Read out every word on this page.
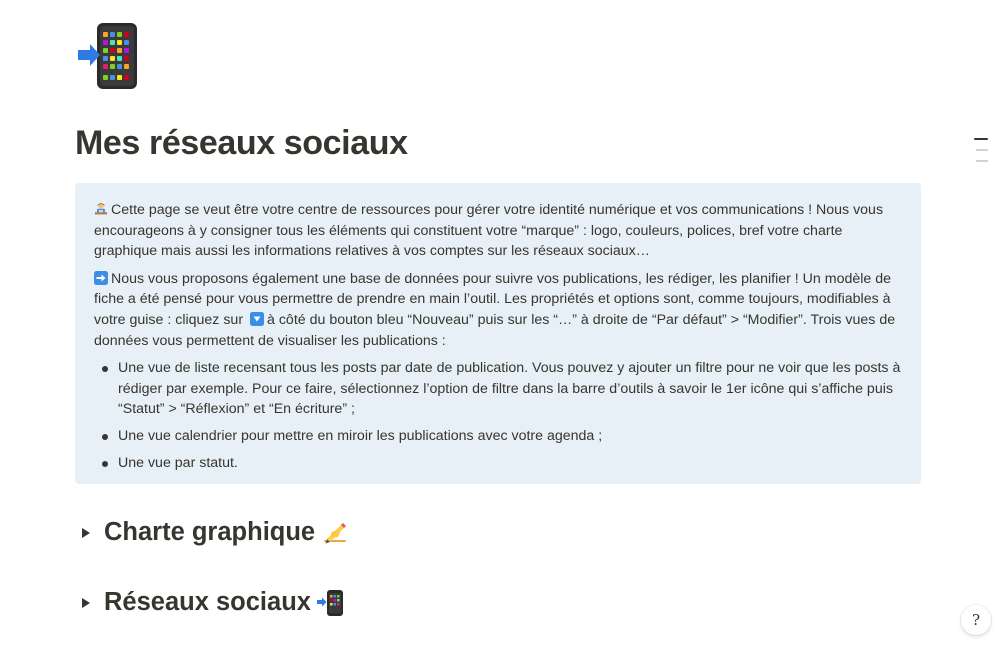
Mes réseaux sociaux

Cette page se veut être votre centre de ressources pour gérer votre identité numérique et vos communications ! Nous vous encourageons à y consigner tous les éléments qui constituent votre “marque” : logo, couleurs, polices, bref votre charte graphique mais aussi les informations relatives à vos comptes sur les réseaux sociaux…

Nous vous proposons également une base de données pour suivre vos publications, les rédiger, les planifier ! Un modèle de fiche a été pensé pour vous permettre de prendre en main l’outil. Les propriétés et options sont, comme toujours, modifiables à votre guise : cliquez sur à côté du bouton bleu “Nouveau” puis sur les “…” à droite de “Par défaut” > “Modifier”. Trois vues de données vous permettent de visualiser les publications :

Une vue de liste recensant tous les posts par date de publication. Vous pouvez y ajouter un filtre pour ne voir que les posts à rédiger par exemple. Pour ce faire, sélectionnez l’option de filtre dans la barre d’outils à savoir le 1er icône qui s’affiche puis “Statut” > “Réflexion” et “En écriture” ;
Une vue calendrier pour mettre en miroir les publications avec votre agenda ;
Une vue par statut.
Charte graphique
Réseaux sociaux
?
